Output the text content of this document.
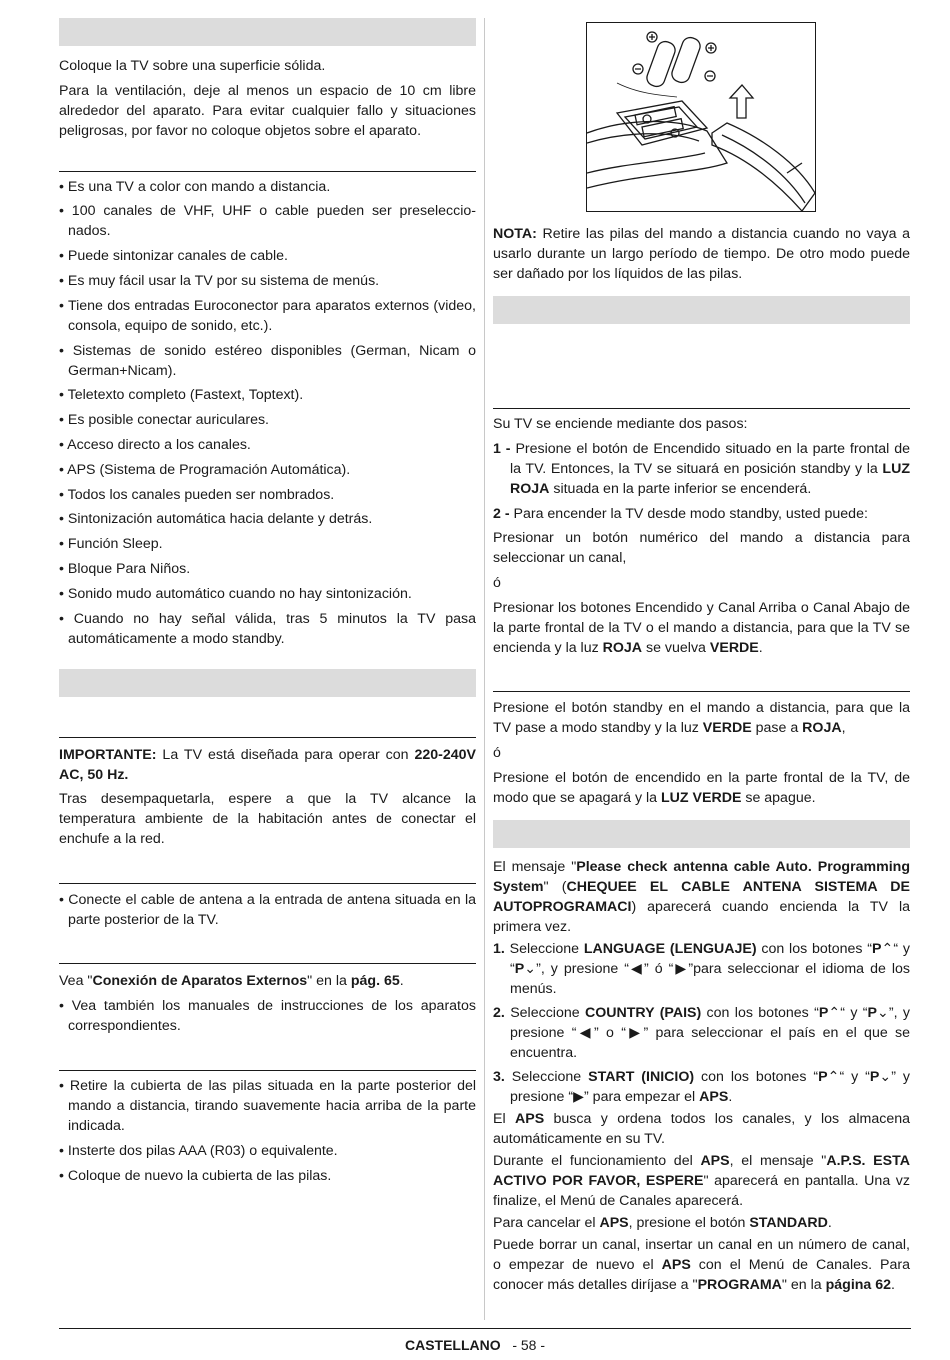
Coloque la TV sobre una superficie sólida.

Para la ventilación, deje al menos un espacio de 10 cm libre alrededor del aparato. Para evitar cualquier fallo y situaciones peligrosas, por favor no coloque objetos sobre el aparato.

• Es una TV a color con mando a distancia.
• 100 canales de VHF, UHF o cable pueden ser preseleccio-nados.
• Puede sintonizar canales de cable.
• Es muy fácil usar la TV por su sistema de menús.
• Tiene dos entradas Euroconector para aparatos externos (video, consola, equipo de sonido, etc.).
• Sistemas de sonido estéreo disponibles (German, Nicam o German+Nicam).
• Teletexto completo (Fastext, Toptext).
• Es posible conectar auriculares.
• Acceso directo a los canales.
• APS (Sistema de Programación Automática).
• Todos los canales pueden ser nombrados.
• Sintonización automática hacia delante y detrás.
• Función Sleep.
• Bloque Para Niños.
• Sonido mudo automático cuando no hay sintonización.
• Cuando no hay señal válida, tras 5 minutos la TV pasa automáticamente a modo standby.

IMPORTANTE: La TV está diseñada para operar con 220-240V AC, 50 Hz.

Tras desempaquetarla, espere a que la TV alcance la temperatura ambiente de la habitación antes de conectar el enchufe a la red.

• Conecte el cable de antena a la entrada de antena situada en la parte posterior de la TV.

Vea "Conexión de Aparatos Externos" en la pág. 65.

• Vea también los manuales de instrucciones de los aparatos correspondientes.
• Retire la cubierta de las pilas situada en la parte posterior del mando a distancia, tirando suavemente hacia arriba de la parte indicada.
• Insterte dos pilas AAA (R03) o equivalente.
• Coloque de nuevo la cubierta de las pilas.

NOTA: Retire las pilas del mando a distancia cuando no vaya a usarlo durante un largo período de tiempo. De otro modo puede ser dañado por los líquidos de las pilas.

Su TV se enciende mediante dos pasos:

1 - Presione el botón de Encendido situado en la parte frontal de la TV. Entonces, la TV se situará en posición standby y la LUZ ROJA situada en la parte inferior se encenderá.
2 - Para encender la TV desde modo standby, usted puede:

Presionar un botón numérico del mando a distancia para seleccionar un canal,

ó

Presionar los botones Encendido y Canal Arriba o Canal Abajo de la parte frontal de la TV o el mando a distancia, para que la TV se encienda y la luz ROJA se vuelva VERDE.

Presione el botón standby en el mando a distancia, para que la TV pase a modo standby y la luz VERDE pase a ROJA,

ó

Presione el botón de encendido en la parte frontal de la TV, de modo que se apagará y la LUZ VERDE se apague.

El mensaje "Please check antenna cable Auto. Programming System" (CHEQUEE EL CABLE ANTENA SISTEMA DE AUTOPROGRAMACI) aparecerá cuando encienda la TV la primera vez.

1. Seleccione LANGUAGE (LENGUAJE) con los botones “P⌃“ y “P⌄”, y presione “◀” ó “▶”para seleccionar el idioma de los menús.
2. Seleccione COUNTRY (PAIS) con los botones “P⌃“ y “P⌄”, y presione “◀” o “▶” para seleccionar el país en el que se encuentra.
3. Seleccione START (INICIO) con los botones “P⌃“ y “P⌄” y presione “▶” para empezar el APS.

El APS busca y ordena todos los canales, y los almacena automáticamente en su TV.

Durante el funcionamiento del APS, el mensaje "A.P.S. ESTA ACTIVO POR FAVOR, ESPERE" aparecerá en pantalla. Una vz finalize, el Menú de Canales aparecerá.

Para cancelar el APS, presione el botón STANDARD.

Puede borrar un canal, insertar un canal en un número de canal, o empezar de nuevo el APS con el Menú de Canales. Para conocer más detalles diríjase a "PROGRAMA" en la página 62.

CASTELLANO - 58 -
